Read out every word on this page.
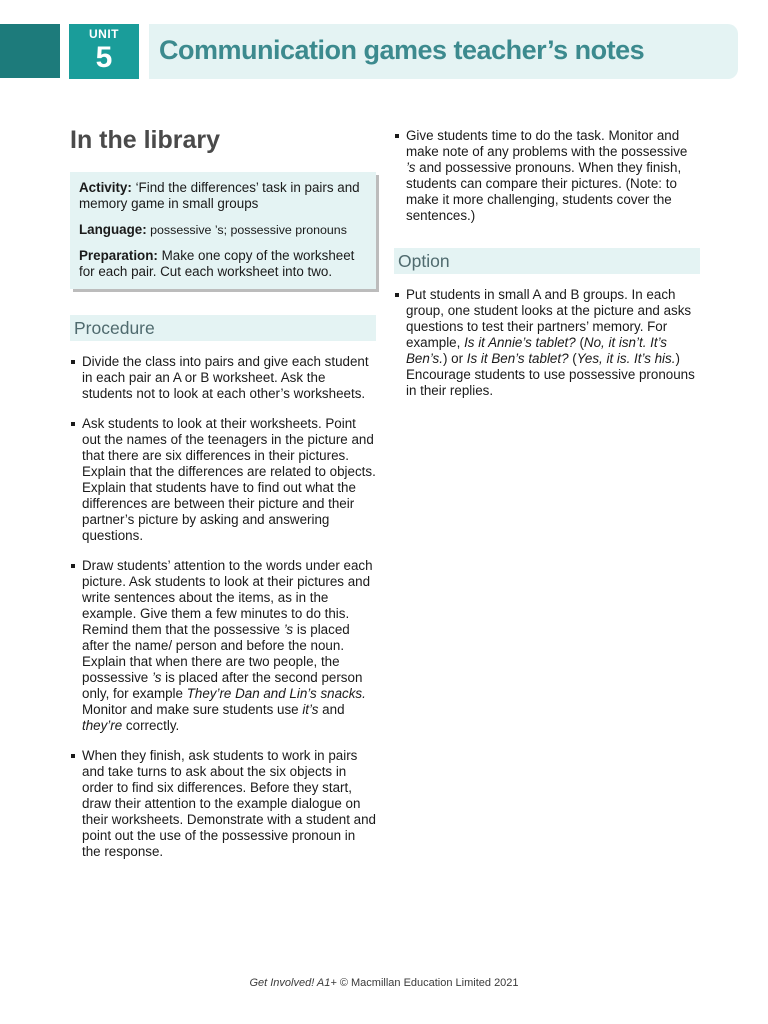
UNIT
5	Communication games teacher’s notes
In the library

Activity: ‘Find the differences’ task in pairs and memory game in small groups

Language: possessive ’s; possessive pronouns

Preparation: Make one copy of the worksheet for each pair. Cut each worksheet into two.

Procedure
Divide the class into pairs and give each student in each pair an A or B worksheet. Ask the students not to look at each other’s worksheets.
Ask students to look at their worksheets. Point out the names of the teenagers in the picture and that there are six differences in their pictures. Explain that the differences are related to objects. Explain that students have to find out what the differences are between their picture and their partner’s picture by asking and answering questions.
Draw students’ attention to the words under each picture. Ask students to look at their pictures and write sentences about the items, as in the example. Give them a few minutes to do this. Remind them that the possessive ’s is placed after the name/ person and before the noun. Explain that when there are two people, the possessive ’s is placed after the second person only, for example They’re Dan and Lin’s snacks. Monitor and make sure students use it’s and they’re correctly.
When they finish, ask students to work in pairs and take turns to ask about the six objects in order to find six differences. Before they start, draw their attention to the example dialogue on their worksheets. Demonstrate with a student and point out the use of the possessive pronoun in the response.
Give students time to do the task. Monitor and make note of any problems with the possessive ’s and possessive pronouns. When they finish, students can compare their pictures. (Note: to make it more challenging, students cover the sentences.)
Option
Put students in small A and B groups. In each group, one student looks at the picture and asks questions to test their partners’ memory. For example, Is it Annie’s tablet? (No, it isn’t. It’s Ben’s.) or Is it Ben’s tablet? (Yes, it is. It’s his.) Encourage students to use possessive pronouns in their replies.
Get Involved! A1+ © Macmillan Education Limited 2021
